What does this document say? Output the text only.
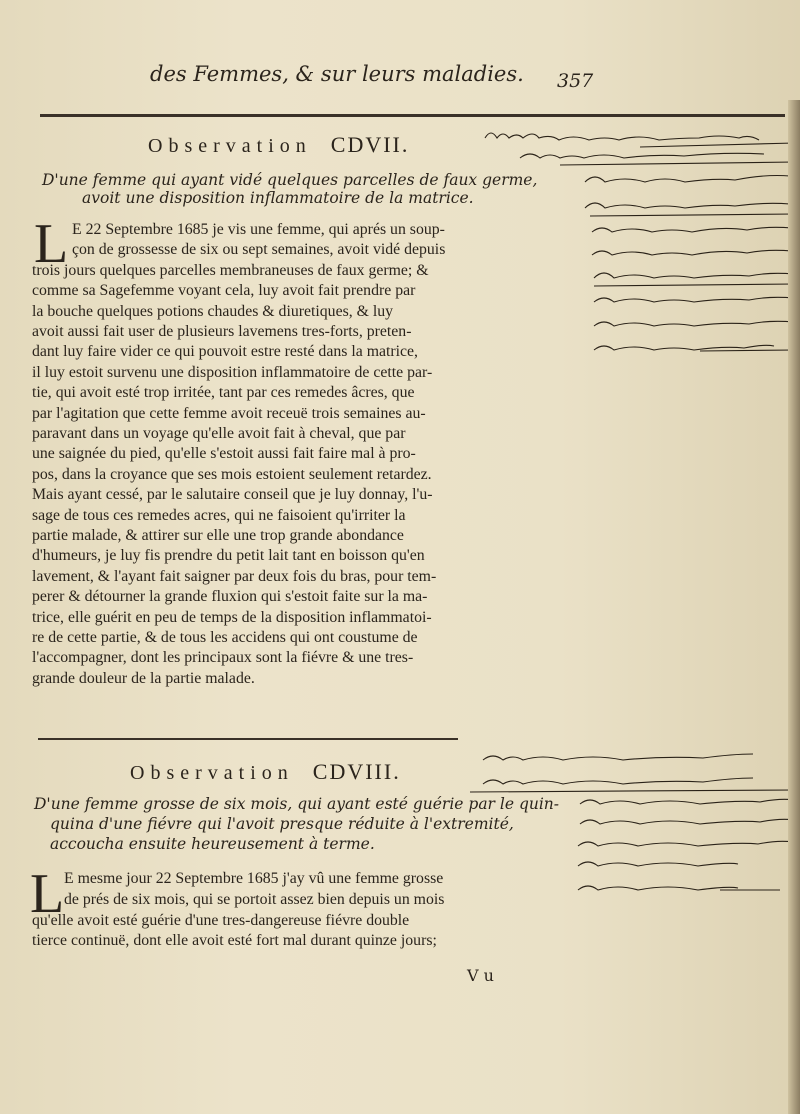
des Femmes, & sur leurs maladies. 357
Observation CDVII.
D'une femme qui ayant vidé quelques parcelles de faux germe,
avoit une disposition inflammatoire de la matrice.
L E 22 Septembre 1685 je vis une femme, qui aprés un soup-
çon de grossesse de six ou sept semaines, avoit vidé depuis
trois jours quelques parcelles membraneuses de faux germe; &
comme sa Sagefemme voyant cela, luy avoit fait prendre par
la bouche quelques potions chaudes & diuretiques, & luy
avoit aussi fait user de plusieurs lavemens tres-forts, preten-
dant luy faire vider ce qui pouvoit estre resté dans la matrice,
il luy estoit survenu une disposition inflammatoire de cette par-
tie, qui avoit esté trop irritée, tant par ces remedes âcres, que
par l'agitation que cette femme avoit receuë trois semaines au-
paravant dans un voyage qu'elle avoit fait à cheval, que par
une saignée du pied, qu'elle s'estoit aussi fait faire mal à pro-
pos, dans la croyance que ses mois estoient seulement retardez.
Mais ayant cessé, par le salutaire conseil que je luy donnay, l'u-
sage de tous ces remedes acres, qui ne faisoient qu'irriter la
partie malade, & attirer sur elle une trop grande abondance
d'humeurs, je luy fis prendre du petit lait tant en boisson qu'en
lavement, & l'ayant fait saigner par deux fois du bras, pour tem-
perer & détourner la grande fluxion qui s'estoit faite sur la ma-
trice, elle guérit en peu de temps de la disposition inflammatoi-
re de cette partie, & de tous les accidens qui ont coustume de
l'accompagner, dont les principaux sont la fiévre & une tres-
grande douleur de la partie malade.
Observation CDVIII.
D'une femme grosse de six mois, qui ayant esté guérie par le quin-
quina d'une fiévre qui l'avoit presque réduite à l'extremité,
accoucha ensuite heureusement à terme.
L E mesme jour 22 Septembre 1685 j'ay vû une femme grosse
de prés de six mois, qui se portoit assez bien depuis un mois
qu'elle avoit esté guérie d'une tres-dangereuse fiévre double
tierce continuë, dont elle avoit esté fort mal durant quinze jours;
V u
